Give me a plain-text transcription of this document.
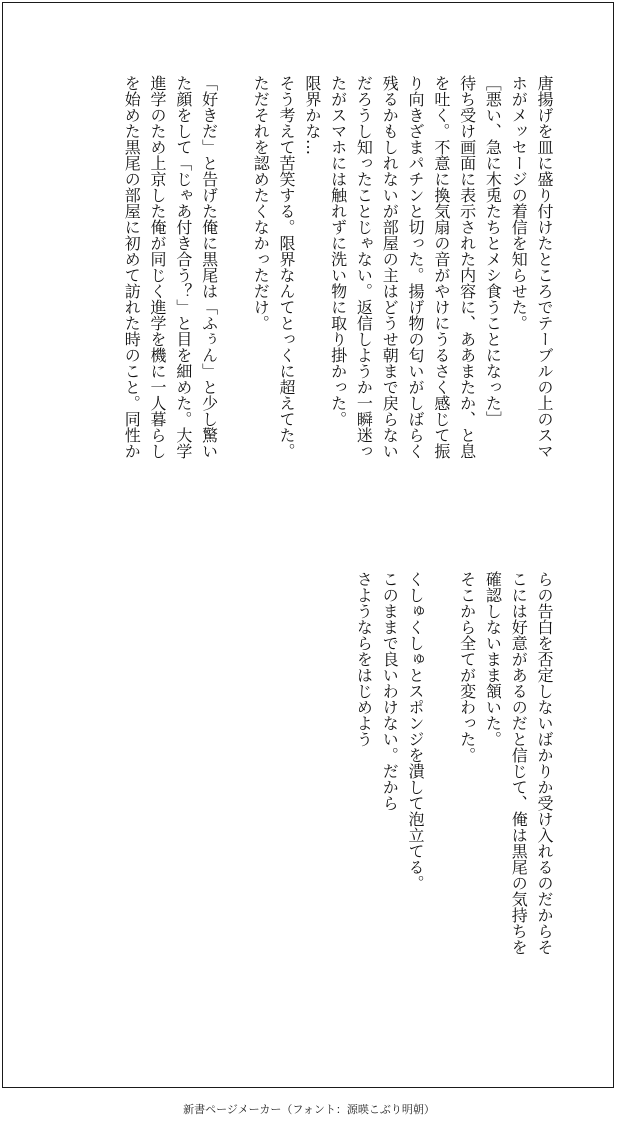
唐揚げを皿に盛り付けたところでテーブルの上のスマ
ホがメッセージの着信を知らせた。
［悪い、急に木兎たちとメシ食うことになった］
待ち受け画面に表示された内容に、ああまたか、と息
を吐く。不意に換気扇の音がやけにうるさく感じて振
り向きざまパチンと切った。揚げ物の匂いがしばらく
残るかもしれないが部屋の主はどうせ朝まで戻らない
だろうし知ったことじゃない。返信しようか一瞬迷っ
たがスマホには触れずに洗い物に取り掛かった。
限界かな…
そう考えて苦笑する。限界なんてとっくに超えてた。
ただそれを認めたくなかっただけ。
「好きだ」と告げた俺に黒尾は「ふぅん」と少し驚い
た顔をして「じゃあ付き合う？」と目を細めた。大学
進学のため上京した俺が同じく進学を機に一人暮らし
を始めた黒尾の部屋に初めて訪れた時のこと。同性か
らの告白を否定しないばかりか受け入れるのだからそ
こには好意があるのだと信じて、俺は黒尾の気持ちを
確認しないまま頷いた。
そこから全てが変わった。
くしゅくしゅとスポンジを潰して泡立てる。
このままで良いわけない。だから
さようならをはじめよう
新書ページメーカー（フォント：源暎こぶり明朝）
